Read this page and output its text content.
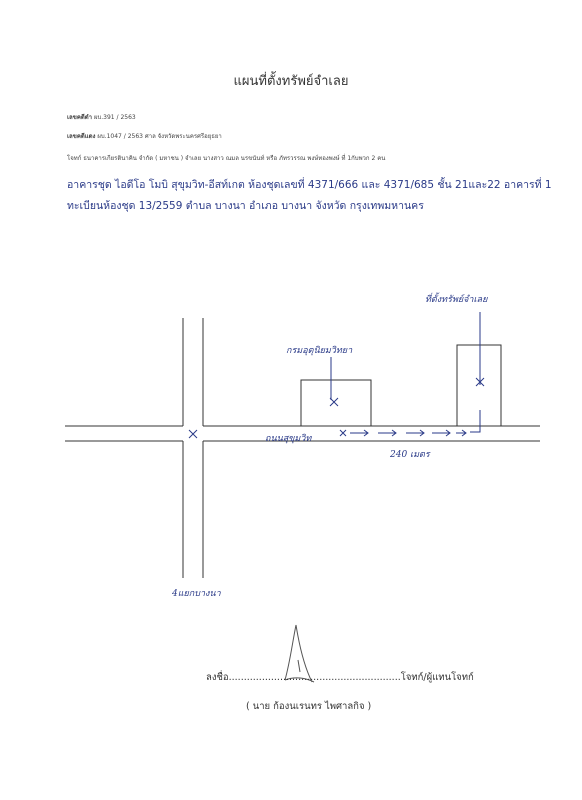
แผนที่ตั้งทรัพย์จำเลย
เลขคดีดำ ผบ.391 / 2563
เลขคดีแดง ผบ.1047 / 2563 ศาล จังหวัดพระนครศรีอยุธยา
โจทก์ ธนาคารเกียรตินาคิน จำกัด ( มหาชน ) จำเลย นางสาว ณมล นรขนันท์ หรือ ภัทรวรรณ พงษ์ทองพงษ์ ที่ 1กับพวก 2 คน
อาคารชุด ไอดีโอ โมบิ สุขุมวิท-อีสท์เกต ห้องชุดเลขที่ 4371/666 และ 4371/685 ชั้น 21และ22 อาคารที่ 1
ทะเบียนห้องชุด 13/2559 ตำบล บางนา อำเภอ บางนา จังหวัด กรุงเทพมหานคร
ที่ตั้งทรัพย์จำเลย
กรมอุตุนิยมวิทยา
ถนนสุขุมวิท
240 เมตร
4แยกบางนา
ลงชื่อ.........................................................โจทก์/ผู้แทนโจทก์
( นาย ก้องนเรนทร ไพศาลกิจ )
